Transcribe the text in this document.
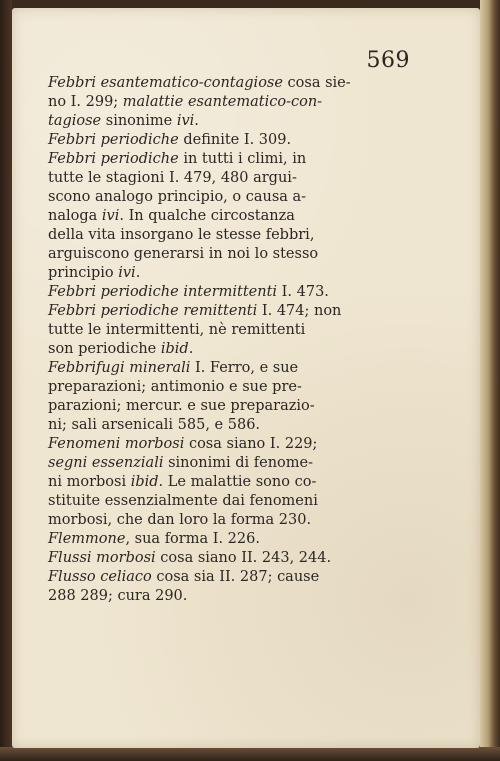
569
Febbri esantematico-contagiose cosa sie-
no I. 299; malattie esantematico-con-
tagiose sinonime ivi.
Febbri periodiche definite I. 309.
Febbri periodiche in tutti i climi, in
tutte le stagioni I. 479, 480 argui-
scono analogo principio, o causa a-
naloga ivi. In qualche circostanza
della vita insorgano le stesse febbri,
arguiscono generarsi in noi lo stesso
principio ivi.
Febbri periodiche intermittenti I. 473.
Febbri periodiche remittenti I. 474; non
tutte le intermittenti, nè remittenti
son periodiche ibid.
Febbrifugi minerali I. Ferro, e sue
preparazioni; antimonio e sue pre-
parazioni; mercur. e sue preparazio-
ni; sali arsenicali 585, e 586.
Fenomeni morbosi cosa siano I. 229;
segni essenziali sinonimi di fenome-
ni morbosi ibid. Le malattie sono co-
stituite essenzialmente dai fenomeni
morbosi, che dan loro la forma 230.
Flemmone, sua forma I. 226.
Flussi morbosi cosa siano II. 243, 244.
Flusso celiaco cosa sia II. 287; cause
288 289; cura 290.
